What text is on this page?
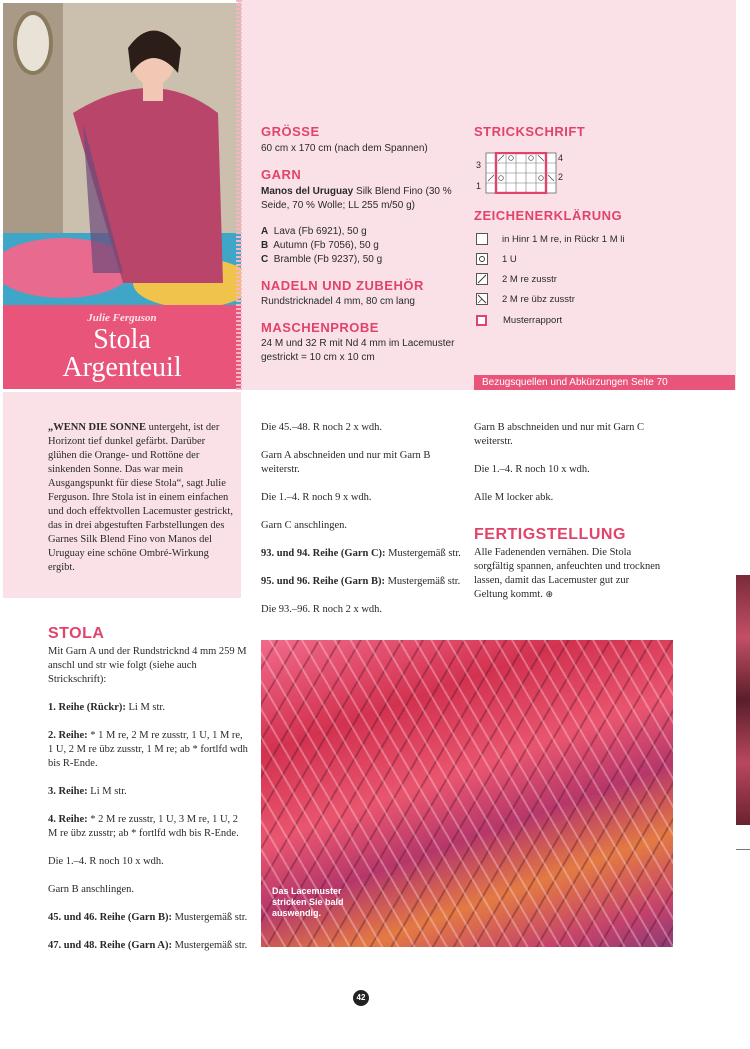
Julie Ferguson
Stola
Argenteuil
GRÖSSE
60 cm x 170 cm (nach dem Spannen)
GARN
Manos del Uruguay Silk Blend Fino (30 % Seide, 70 % Wolle; LL 255 m/50 g)
A Lava (Fb 6921), 50 g
B Autumn (Fb 7056), 50 g
C Bramble (Fb 9237), 50 g
NADELN UND ZUBEHÖR
Rundstricknadel 4 mm, 80 cm lang
MASCHENPROBE
24 M und 32 R mit Nd 4 mm im Lacemuster gestrickt = 10 cm x 10 cm
STRICKSCHRIFT
3
1
4
2
ZEICHENERKLÄRUNG
in Hinr 1 M re, in Rückr 1 M li
1 U
2 M re zusstr
2 M re übz zusstr
Musterrapport
Bezugsquellen und Abkürzungen Seite 70
„WENN DIE SONNE untergeht, ist der Horizont tief dunkel gefärbt. Darüber glühen die Orange- und Rottöne der sinkenden Sonne. Das war mein Ausgangspunkt für diese Stola“, sagt Julie Ferguson. Ihre Stola ist in einem einfachen und doch effektvollen Lacemuster gestrickt, das in drei abgestuften Farbstellungen des Garnes Silk Blend Fino von Manos del Uruguay eine schöne Ombré-Wirkung ergibt.

Die 45.–48. R noch 2 x wdh.

Garn A abschneiden und nur mit Garn B weiterstr.

Die 1.–4. R noch 9 x wdh.

Garn C anschlingen.

93. und 94. Reihe (Garn C): Mustergemäß str.

95. und 96. Reihe (Garn B): Mustergemäß str.

Die 93.–96. R noch 2 x wdh.

Garn B abschneiden und nur mit Garn C weiterstr.

Die 1.–4. R noch 10 x wdh.

Alle M locker abk.

FERTIGSTELLUNG
Alle Fadenenden vernähen. Die Stola sorgfältig spannen, anfeuchten und trocknen lassen, damit das Lacemuster gut zur Geltung kommt. ⊕
STOLA

Mit Garn A und der Rundstricknd 4 mm 259 M anschl und str wie folgt (siehe auch Strickschrift):

1. Reihe (Rückr): Li M str.

2. Reihe: * 1 M re, 2 M re zusstr, 1 U, 1 M re, 1 U, 2 M re übz zusstr, 1 M re; ab * fortlfd wdh bis R-Ende.

3. Reihe: Li M str.

4. Reihe: * 2 M re zusstr, 1 U, 3 M re, 1 U, 2 M re übz zusstr; ab * fortlfd wdh bis R-Ende.

Die 1.–4. R noch 10 x wdh.

Garn B anschlingen.

45. und 46. Reihe (Garn B): Mustergemäß str.

47. und 48. Reihe (Garn A): Mustergemäß str.

Das Lacemuster stricken Sie bald auswendig.
42
